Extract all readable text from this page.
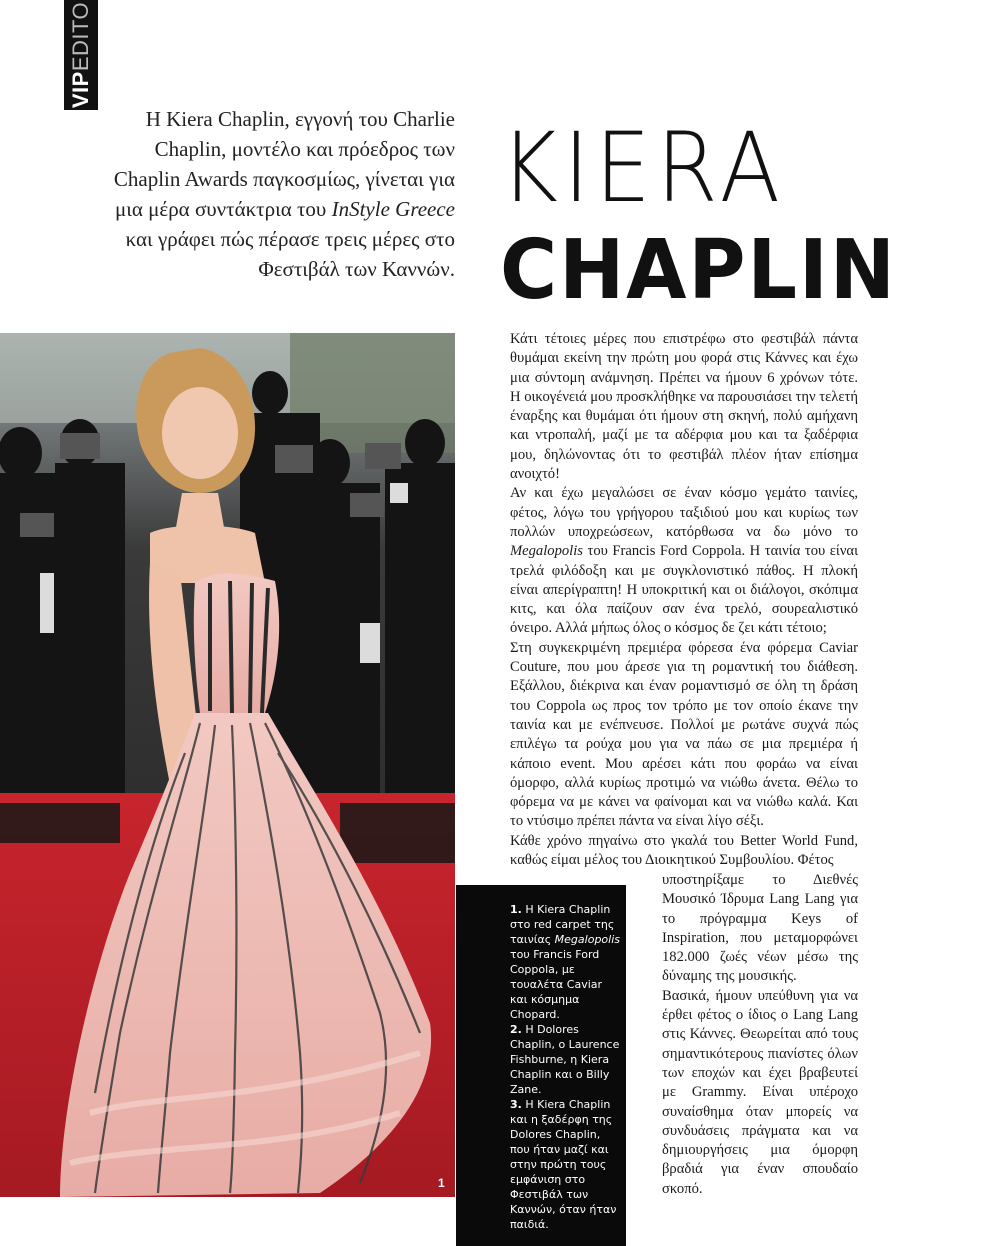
VIPEDITO
Η Kiera Chaplin, εγγονή του Charlie Chaplin, μοντέλο και πρόεδρος των Chaplin Awards παγκοσμίως, γίνεται για μια μέρα συντάκτρια του InStyle Greece και γράφει πώς πέρασε τρεις μέρες στο Φεστιβάλ των Καννών.
KIERA
CHAPLIN
1

1. Η Kiera Chaplin στο red carpet της ταινίας Megalopolis του Francis Ford Coppola, με τουαλέτα Caviar και κόσμημα Chopard.

2. Η Dolores Chaplin, ο Laurence Fishburne, η Kiera Chaplin και ο Billy Zane.

3. Η Kiera Chaplin και η ξαδέρφη της Dolores Chaplin, που ήταν μαζί και στην πρώτη τους εμφάνιση στο Φεστιβάλ των Καννών, όταν ήταν παιδιά.

Κάτι τέτοιες μέρες που επιστρέφω στο φεστιβάλ πάντα θυμάμαι εκείνη την πρώτη μου φορά στις Κάννες και έχω μια σύντομη ανάμνηση. Πρέπει να ήμουν 6 χρόνων τότε. Η οικογένειά μου προσκλήθηκε να παρουσιάσει την τελετή έναρξης και θυμάμαι ότι ήμουν στη σκηνή, πολύ αμήχανη και ντροπαλή, μαζί με τα αδέρφια μου και τα ξαδέρφια μου, δηλώνοντας ότι το φεστιβάλ πλέον ήταν επίσημα ανοιχτό!

Αν και έχω μεγαλώσει σε έναν κόσμο γεμάτο ταινίες, φέτος, λόγω του γρήγορου ταξιδιού μου και κυρίως των πολλών υποχρεώσεων, κατόρθωσα να δω μόνο το Megalopolis του Francis Ford Coppola. Η ταινία του είναι τρελά φιλόδοξη και με συγκλονιστικό πάθος. Η πλοκή είναι απερίγραπτη! Η υποκριτική και οι διάλογοι, σκόπιμα κιτς, και όλα παίζουν σαν ένα τρελό, σουρεαλιστικό όνειρο. Αλλά μήπως όλος ο κόσμος δε ζει κάτι τέτοιο;

Στη συγκεκριμένη πρεμιέρα φόρεσα ένα φόρεμα Caviar Couture, που μου άρεσε για τη ρομαντική του διάθεση. Εξάλλου, διέκρινα και έναν ρομαντισμό σε όλη τη δράση του Coppola ως προς τον τρόπο με τον οποίο έκανε την ταινία και με ενέπνευσε. Πολλοί με ρωτάνε συχνά πώς επιλέγω τα ρούχα μου για να πάω σε μια πρεμιέρα ή κάποιο event. Μου αρέσει κάτι που φοράω να είναι όμορφο, αλλά κυρίως προτιμώ να νιώθω άνετα. Θέλω το φόρεμα να με κάνει να φαίνομαι και να νιώθω καλά. Και το ντύσιμο πρέπει πάντα να είναι λίγο σέξι.

Κάθε χρόνο πηγαίνω στο γκαλά του Better World Fund, καθώς είμαι μέλος του Διοικητικού Συμβουλίου. Φέτος

υποστηρίξαμε το Διεθνές Μουσικό Ίδρυμα Lang Lang για το πρόγραμμα Keys of Inspiration, που μεταμορφώνει 182.000 ζωές νέων μέσω της δύναμης της μουσικής.

Βασικά, ήμουν υπεύθυνη για να έρθει φέτος ο ίδιος ο Lang Lang στις Κάννες. Θεωρείται από τους σημαντικότερους πιανίστες όλων των εποχών και έχει βραβευτεί με Grammy. Είναι υπέροχο συναίσθημα όταν μπορείς να συνδυάσεις πράγματα και να δημιουργήσεις μια όμορφη βραδιά για έναν σπουδαίο σκοπό.
